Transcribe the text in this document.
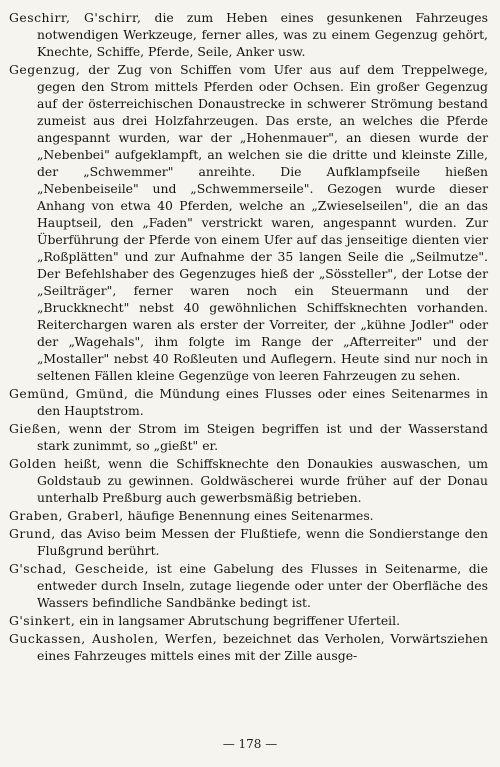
Geschirr, G'schirr, die zum Heben eines gesunkenen Fahrzeuges notwendigen Werkzeuge, ferner alles, was zu einem Gegenzug gehört, Knechte, Schiffe, Pferde, Seile, Anker usw.

Gegenzug, der Zug von Schiffen vom Ufer aus auf dem Treppelwege, gegen den Strom mittels Pferden oder Ochsen. Ein großer Gegenzug auf der österreichischen Donaustrecke in schwerer Strömung bestand zumeist aus drei Holzfahrzeugen. Das erste, an welches die Pferde angespannt wurden, war der „Hohenmauer", an diesen wurde der „Nebenbei" aufgeklampft, an welchen sie die dritte und kleinste Zille, der „Schwemmer" anreihte. Die Aufklampfseile hießen „Nebenbeiseile" und „Schwemmerseile". Gezogen wurde dieser Anhang von etwa 40 Pferden, welche an „Zwieselseilen", die an das Hauptseil, den „Faden" verstrickt waren, angespannt wurden. Zur Überführung der Pferde von einem Ufer auf das jenseitige dienten vier „Roßplätten" und zur Aufnahme der 35 langen Seile die „Seilmutze". Der Befehlshaber des Gegenzuges hieß der „Sössteller", der Lotse der „Seilträger", ferner waren noch ein Steuermann und der „Bruckknecht" nebst 40 gewöhnlichen Schiffsknechten vorhanden. Reiterchargen waren als erster der Vorreiter, der „kühne Jodler" oder der „Wagehals", ihm folgte im Range der „Afterreiter" und der „Mostaller" nebst 40 Roßleuten und Auflegern. Heute sind nur noch in seltenen Fällen kleine Gegenzüge von leeren Fahrzeugen zu sehen.

Gemünd, Gmünd, die Mündung eines Flusses oder eines Seitenarmes in den Hauptstrom.

Gießen, wenn der Strom im Steigen begriffen ist und der Wasserstand stark zunimmt, so „gießt" er.

Golden heißt, wenn die Schiffsknechte den Donaukies auswaschen, um Goldstaub zu gewinnen. Goldwäscherei wurde früher auf der Donau unterhalb Preßburg auch gewerbsmäßig betrieben.

Graben, Graberl, häufige Benennung eines Seitenarmes.

Grund, das Aviso beim Messen der Flußtiefe, wenn die Sondierstange den Flußgrund berührt.

G'schad, Gescheide, ist eine Gabelung des Flusses in Seitenarme, die entweder durch Inseln, zutage liegende oder unter der Oberfläche des Wassers befindliche Sandbänke bedingt ist.

G'sinkert, ein in langsamer Abrutschung begriffener Uferteil.

Guckassen, Ausholen, Werfen, bezeichnet das Verholen, Vorwärtsziehen eines Fahrzeuges mittels eines mit der Zille ausge-

— 178 —
